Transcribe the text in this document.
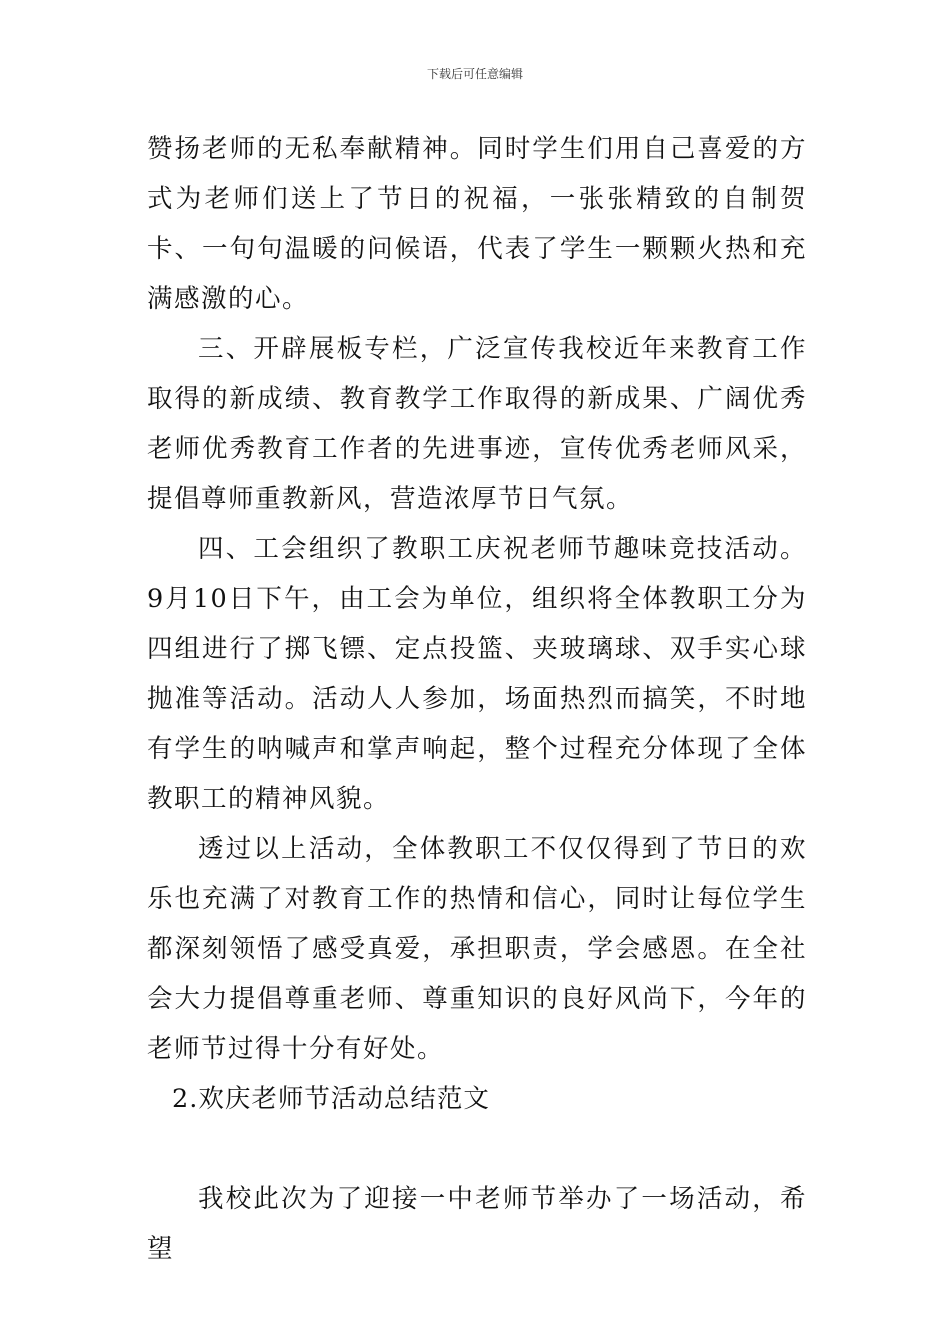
下载后可任意编辑

赞扬老师的无私奉献精神。同时学生们用自己喜爱的方式为老师们送上了节日的祝福，一张张精致的自制贺卡、一句句温暖的问候语，代表了学生一颗颗火热和充满感激的心。

三、开辟展板专栏，广泛宣传我校近年来教育工作取得的新成绩、教育教学工作取得的新成果、广阔优秀老师优秀教育工作者的先进事迹，宣传优秀老师风采，提倡尊师重教新风，营造浓厚节日气氛。

四、工会组织了教职工庆祝老师节趣味竞技活动。9月10日下午，由工会为单位，组织将全体教职工分为四组进行了掷飞镖、定点投篮、夹玻璃球、双手实心球抛准等活动。活动人人参加，场面热烈而搞笑，不时地有学生的呐喊声和掌声响起，整个过程充分体现了全体教职工的精神风貌。

透过以上活动，全体教职工不仅仅得到了节日的欢乐也充满了对教育工作的热情和信心，同时让每位学生都深刻领悟了感受真爱，承担职责，学会感恩。在全社会大力提倡尊重老师、尊重知识的良好风尚下，今年的老师节过得十分有好处。

2.欢庆老师节活动总结范文

我校此次为了迎接一中老师节举办了一场活动，希望
